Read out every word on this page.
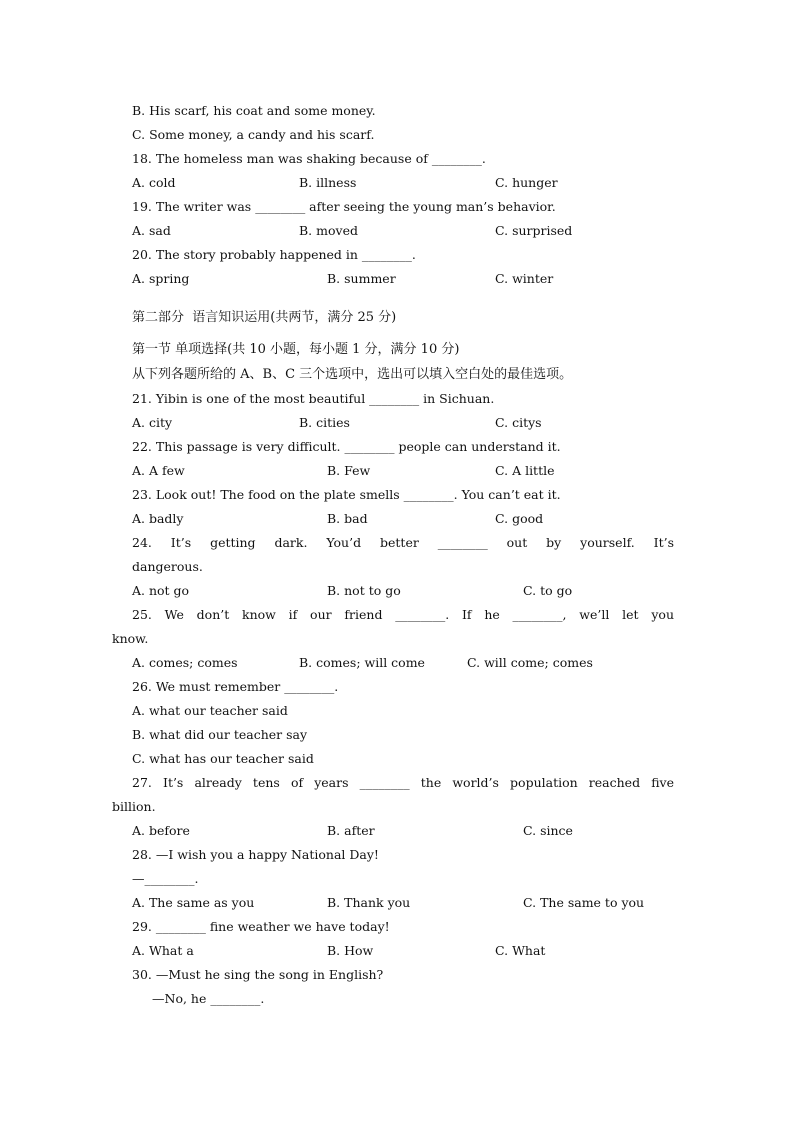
B. His scarf, his coat and some money.
C. Some money, a candy and his scarf.
18. The homeless man was shaking because of ________.
A. cold	B. illness	C. hunger
19. The writer was ________ after seeing the young man’s behavior.
A. sad	B. moved	C. surprised
20. The story probably happened in ________.
A. spring	B. summer	C. winter
第二部分  语言知识运用(共两节，满分 25 分)
第一节 单项选择(共 10 小题，每小题 1 分，满分 10 分)
从下列各题所给的 A、B、C 三个选项中，选出可以填入空白处的最佳选项。
21. Yibin is one of the most beautiful ________ in Sichuan.
A. city	B. cities	C. citys
22. This passage is very difficult. ________ people can understand it.
A. A few	B. Few	C. A little
23. Look out! The food on the plate smells ________. You can’t eat it.
A. badly	B. bad	C. good
24. It’s getting dark. You’d better ________ out by yourself. It’s
dangerous.
A. not go	B. not to go	C. to go
25. We don’t know if our friend ________. If he ________, we’ll let you
know.
A. comes; comes	B. comes; will come	C. will come; comes
26. We must remember ________.
A. what our teacher said
B. what did our teacher say
C. what has our teacher said
27. It’s already tens of years ________ the world’s population reached five
billion.
A. before	B. after	C. since
28. —I wish you a happy National Day!
—________.
A. The same as you	B. Thank you	C. The same to you
29. ________ fine weather we have today!
A. What a	B. How	C. What
30. —Must he sing the song in English?
—No, he ________.
